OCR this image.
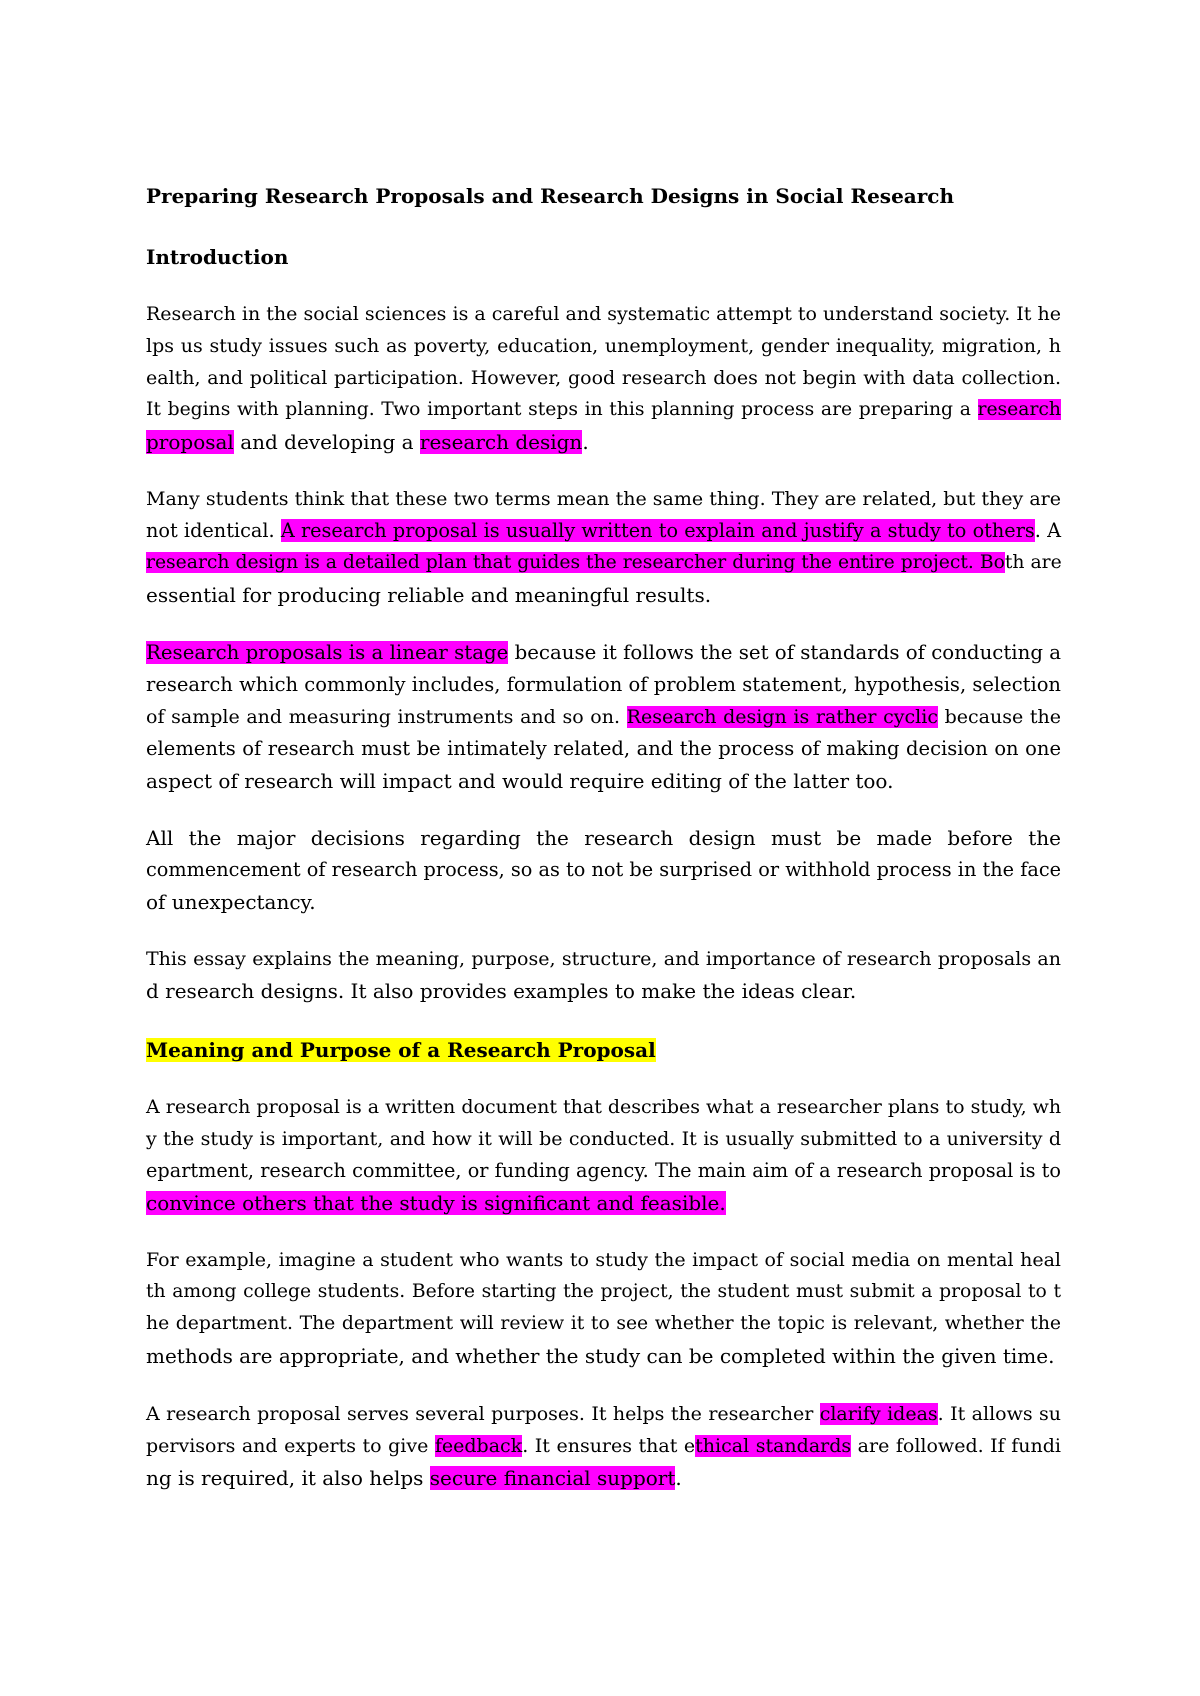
Preparing Research Proposals and Research Designs in Social Research

Introduction

Research in the social sciences is a careful and systematic attempt to understand society. It he

lps us study issues such as poverty, education, unemployment, gender inequality, migration, h

ealth, and political participation. However, good research does not begin with data collection.

It begins with planning. Two important steps in this planning process are preparing a research

proposal and developing a research design.

Many students think that these two terms mean the same thing. They are related, but they are

not identical. A research proposal is usually written to explain and justify a study to others. A

research design is a detailed plan that guides the researcher during the entire project. Both are

essential for producing reliable and meaningful results.

Research proposals is a linear stage because it follows the set of standards of conducting a

research which commonly includes, formulation of problem statement, hypothesis, selection

of sample and measuring instruments and so on. Research design is rather cyclic because the

elements of research must be intimately related, and the process of making decision on one

aspect of research will impact and would require editing of the latter too.

All the major decisions regarding the research design must be made before the

commencement of research process, so as to not be surprised or withhold process in the face

of unexpectancy.

This essay explains the meaning, purpose, structure, and importance of research proposals an

d research designs. It also provides examples to make the ideas clear.

Meaning and Purpose of a Research Proposal

A research proposal is a written document that describes what a researcher plans to study, wh

y the study is important, and how it will be conducted. It is usually submitted to a university d

epartment, research committee, or funding agency. The main aim of a research proposal is to

convince others that the study is significant and feasible.

For example, imagine a student who wants to study the impact of social media on mental heal

th among college students. Before starting the project, the student must submit a proposal to t

he department. The department will review it to see whether the topic is relevant, whether the

methods are appropriate, and whether the study can be completed within the given time.

A research proposal serves several purposes. It helps the researcher clarify ideas. It allows su

pervisors and experts to give feedback. It ensures that ethical standards are followed. If fundi

ng is required, it also helps secure financial support.
